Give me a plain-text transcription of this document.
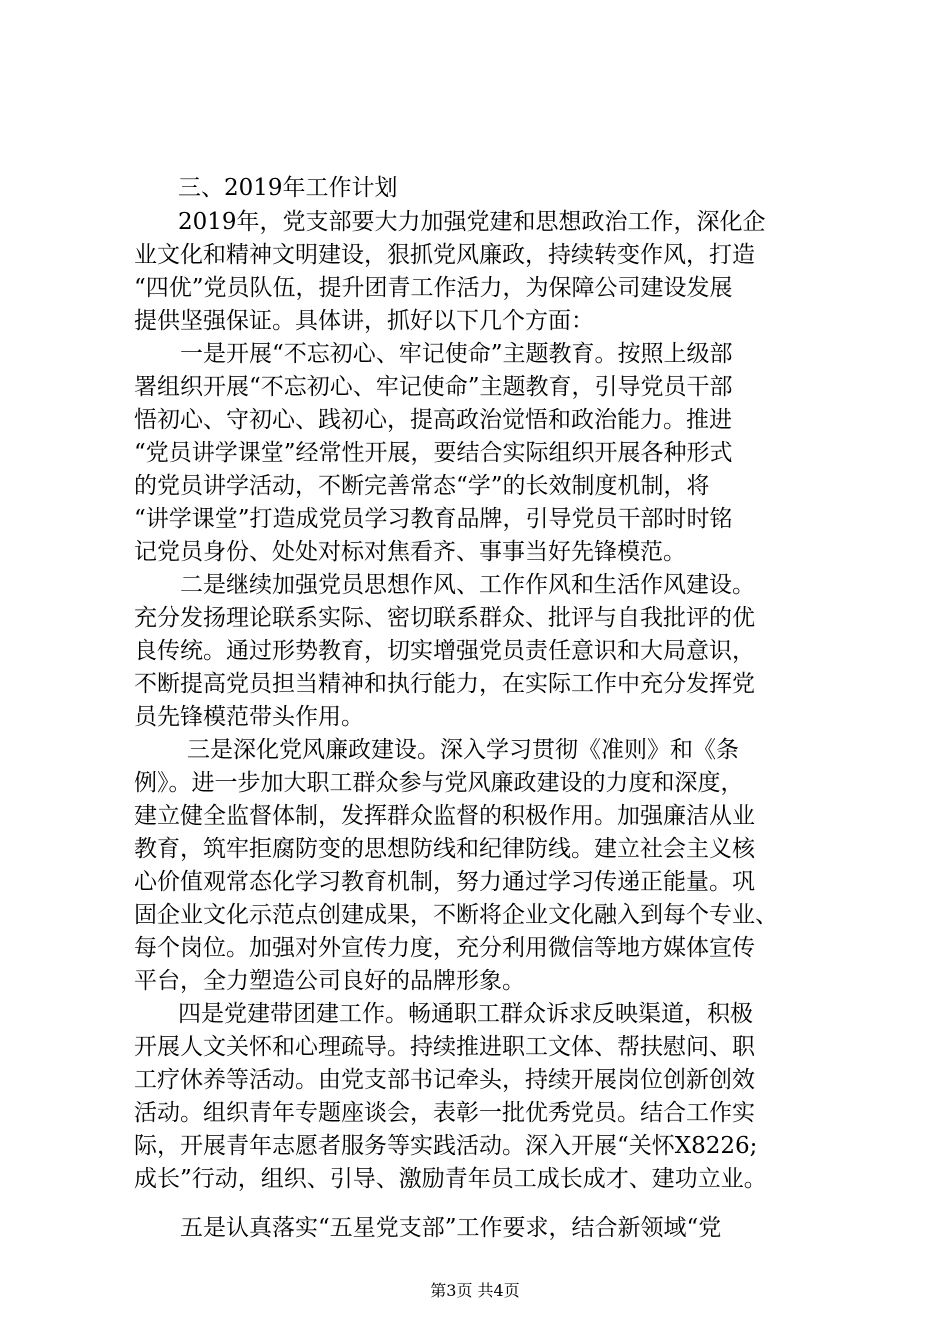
三、2019年工作计划
2019年，党支部要大力加强党建和思想政治工作，深化企
业文化和精神文明建设，狠抓党风廉政，持续转变作风，打造
“四优”党员队伍，提升团青工作活力，为保障公司建设发展
提供坚强保证。具体讲，抓好以下几个方面：
一是开展“不忘初心、牢记使命”主题教育。按照上级部
署组织开展“不忘初心、牢记使命”主题教育，引导党员干部
悟初心、守初心、践初心，提高政治觉悟和政治能力。推进
“党员讲学课堂”经常性开展，要结合实际组织开展各种形式
的党员讲学活动，不断完善常态“学”的长效制度机制，将
“讲学课堂”打造成党员学习教育品牌，引导党员干部时时铭
记党员身份、处处对标对焦看齐、事事当好先锋模范。
二是继续加强党员思想作风、工作作风和生活作风建设。
充分发扬理论联系实际、密切联系群众、批评与自我批评的优
良传统。通过形势教育，切实增强党员责任意识和大局意识，
不断提高党员担当精神和执行能力，在实际工作中充分发挥党
员先锋模范带头作用。
三是深化党风廉政建设。深入学习贯彻《准则》和《条
例》。进一步加大职工群众参与党风廉政建设的力度和深度，
建立健全监督体制，发挥群众监督的积极作用。加强廉洁从业
教育，筑牢拒腐防变的思想防线和纪律防线。建立社会主义核
心价值观常态化学习教育机制，努力通过学习传递正能量。巩
固企业文化示范点创建成果，不断将企业文化融入到每个专业、
每个岗位。加强对外宣传力度，充分利用微信等地方媒体宣传
平台，全力塑造公司良好的品牌形象。
四是党建带团建工作。畅通职工群众诉求反映渠道，积极
开展人文关怀和心理疏导。持续推进职工文体、帮扶慰问、职
工疗休养等活动。由党支部书记牵头，持续开展岗位创新创效
活动。组织青年专题座谈会，表彰一批优秀党员。结合工作实
际，开展青年志愿者服务等实践活动。深入开展“关怀X8226;
成长”行动，组织、引导、激励青年员工成长成才、建功立业。
五是认真落实“五星党支部”工作要求，结合新领域“党
第3页 共4页
